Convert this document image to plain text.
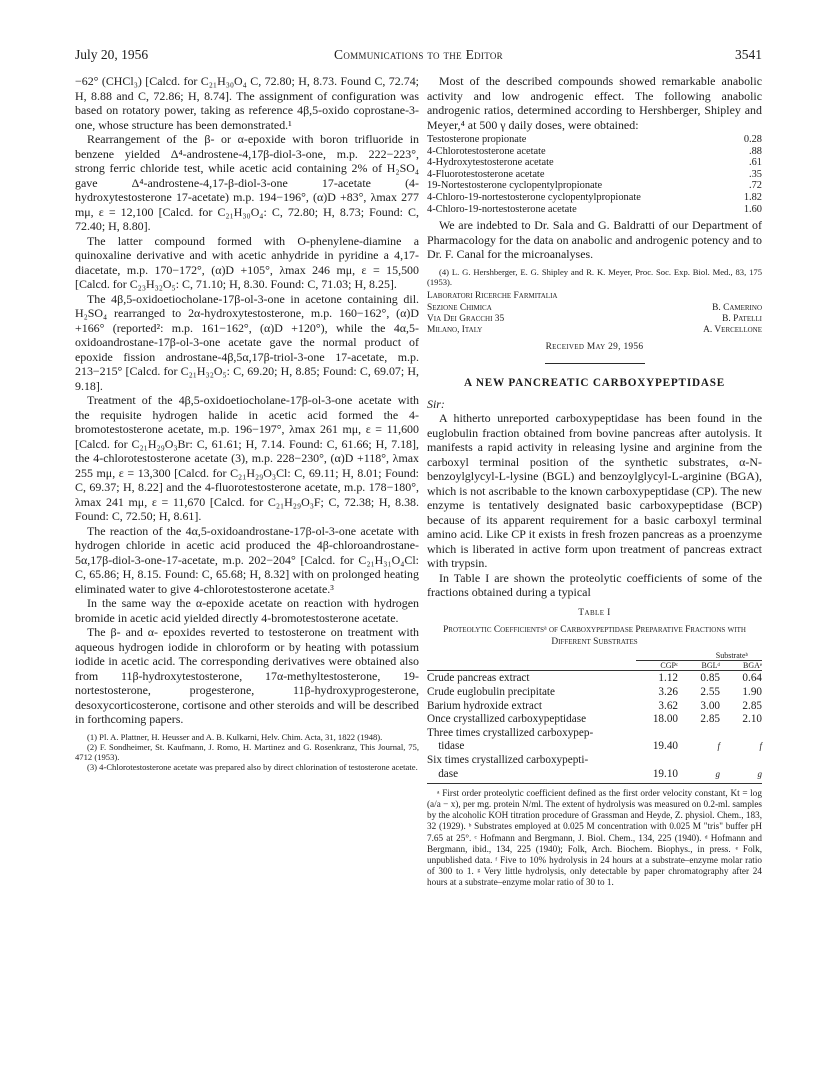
July 20, 1956	Communications to the Editor	3541

−62° (CHCl₃) [Calcd. for C₂₁H₃₀O₄ C, 72.80; H, 8.73. Found C, 72.74; H, 8.88 and C, 72.86; H, 8.74]. The assignment of configuration was based on rotatory power, taking as reference 4β,5-oxido coprostane-3-one, whose structure has been demonstrated.¹

Rearrangement of the β- or α-epoxide with boron trifluoride in benzene yielded Δ⁴-androstene-4,17β-diol-3-one, m.p. 222−223°, strong ferric chloride test, while acetic acid containing 2% of H₂SO₄ gave Δ⁴-androstene-4,17-β-diol-3-one 17-acetate (4-hydroxytestosterone 17-acetate) m.p. 194−196°, (α)D +83°, λmax 277 mμ, ε = 12,100 [Calcd. for C₂₁H₃₀O₄: C, 72.80; H, 8.73; Found: C, 72.40; H, 8.80].

The latter compound formed with O-phenylene-diamine a quinoxaline derivative and with acetic anhydride in pyridine a 4,17-diacetate, m.p. 170−172°, (α)D +105°, λmax 246 mμ, ε = 15,500 [Calcd. for C₂₃H₃₂O₅: C, 71.10; H, 8.30. Found: C, 71.03; H, 8.25].

The 4β,5-oxidoetiocholane-17β-ol-3-one in acetone containing dil. H₂SO₄ rearranged to 2α-hydroxytestosterone, m.p. 160−162°, (α)D +166° (reported²: m.p. 161−162°, (α)D +120°), while the 4α,5-oxidoandrostane-17β-ol-3-one acetate gave the normal product of epoxide fission androstane-4β,5α,17β-triol-3-one 17-acetate, m.p. 213−215° [Calcd. for C₂₁H₃₂O₅: C, 69.20; H, 8.85; Found: C, 69.07; H, 9.18].

Treatment of the 4β,5-oxidoetiocholane-17β-ol-3-one acetate with the requisite hydrogen halide in acetic acid formed the 4-bromotestosterone acetate, m.p. 196−197°, λmax 261 mμ, ε = 11,600 [Calcd. for C₂₁H₂₉O₃Br: C, 61.61; H, 7.14. Found: C, 61.66; H, 7.18], the 4-chlorotestosterone acetate (3), m.p. 228−230°, (α)D +118°, λmax 255 mμ, ε = 13,300 [Calcd. for C₂₁H₂₉O₃Cl: C, 69.11; H, 8.01; Found: C, 69.37; H, 8.22] and the 4-fluorotestosterone acetate, m.p. 178−180°, λmax 241 mμ, ε = 11,670 [Calcd. for C₂₁H₂₉O₃F; C, 72.38; H, 8.38. Found: C, 72.50; H, 8.61].

The reaction of the 4α,5-oxidoandrostane-17β-ol-3-one acetate with hydrogen chloride in acetic acid produced the 4β-chloroandrostane-5α,17β-diol-3-one-17-acetate, m.p. 202−204° [Calcd. for C₂₁H₃₁O₄Cl: C, 65.86; H, 8.15. Found: C, 65.68; H, 8.32] with on prolonged heating eliminated water to give 4-chlorotestosterone acetate.³

In the same way the α-epoxide acetate on reaction with hydrogen bromide in acetic acid yielded directly 4-bromotestosterone acetate.

The β- and α- epoxides reverted to testosterone on treatment with aqueous hydrogen iodide in chloroform or by heating with potassium iodide in acetic acid. The corresponding derivatives were obtained also from 11β-hydroxytestosterone, 17α-methyltestosterone, 19-nortestosterone, progesterone, 11β-hydroxyprogesterone, desoxycorticosterone, cortisone and other steroids and will be described in forthcoming papers.

(1) Pl. A. Plattner, H. Heusser and A. B. Kulkarni, Helv. Chim. Acta, 31, 1822 (1948).

(2) F. Sondheimer, St. Kaufmann, J. Romo, H. Martinez and G. Rosenkranz, This Journal, 75, 4712 (1953).

(3) 4-Chlorotestosterone acetate was prepared also by direct chlorination of testosterone acetate.

Most of the described compounds showed remarkable anabolic activity and low androgenic effect. The following anabolic androgenic ratios, determined according to Hershberger, Shipley and Meyer,⁴ at 500 γ daily doses, were obtained:

Testosterone propionate	0.28
4-Chlorotestosterone acetate	.88
4-Hydroxytestosterone acetate	.61
4-Fluorotestosterone acetate	.35
19-Nortestosterone cyclopentylpropionate	.72
4-Chloro-19-nortestosterone cyclopentylpropionate	1.82
4-Chloro-19-nortestosterone acetate	1.60

We are indebted to Dr. Sala and G. Baldratti of our Department of Pharmacology for the data on anabolic and androgenic potency and to Dr. F. Canal for the microanalyses.

(4) L. G. Hershberger, E. G. Shipley and R. K. Meyer, Proc. Soc. Exp. Biol. Med., 83, 175 (1953).

Laboratori Ricerche Farmitalia
Sezione Chimica	B. Camerino
Via Dei Gracchi 35	B. Patelli
Milano, Italy	A. Vercellone
Received May 29, 1956
A NEW PANCREATIC CARBOXYPEPTIDASE

Sir:

A hitherto unreported carboxypeptidase has been found in the euglobulin fraction obtained from bovine pancreas after autolysis. It manifests a rapid activity in releasing lysine and arginine from the carboxyl terminal position of the synthetic substrates, α-N-benzoylglycyl-L-lysine (BGL) and benzoylglycyl-L-arginine (BGA), which is not ascribable to the known carboxypeptidase (CP). The new enzyme is tentatively designated basic carboxypeptidase (BCP) because of its apparent requirement for a basic carboxyl terminal amino acid. Like CP it exists in fresh frozen pancreas as a proenzyme which is liberated in active form upon treatment of pancreas extract with trypsin.

In Table I are shown the proteolytic coefficients of some of the fractions obtained during a typical

Table I
Proteolytic Coefficientsᵃ of Carboxypeptidase Preparative Fractions with Different Substrates
	Substrateᵇ		
	CGPᶜ	BGLᵈ	BGAᵉ
Crude pancreas extract	1.12	0.85	0.64
Crude euglobulin precipitate	3.26	2.55	1.90
Barium hydroxide extract	3.62	3.00	2.85
Once crystallized carboxypeptidase	18.00	2.85	2.10
Three times crystallized carboxypep-			
tidase	19.40	f	f
Six times crystallized carboxypepti-			
dase	19.10	g	g

ᵃ First order proteolytic coefficient defined as the first order velocity constant, Kt = log (a/a − x), per mg. protein N/ml. The extent of hydrolysis was measured on 0.2-ml. samples by the alcoholic KOH titration procedure of Grassman and Heyde, Z. physiol. Chem., 183, 32 (1929). ᵇ Substrates employed at 0.025 M concentration with 0.025 M "tris" buffer pH 7.65 at 25°. ᶜ Hofmann and Bergmann, J. Biol. Chem., 134, 225 (1940). ᵈ Hofmann and Bergmann, ibid., 134, 225 (1940); Folk, Arch. Biochem. Biophys., in press. ᵉ Folk, unpublished data. ᶠ Five to 10% hydrolysis in 24 hours at a substrate–enzyme molar ratio of 300 to 1. ᵍ Very little hydrolysis, only detectable by paper chromatography after 24 hours at a substrate–enzyme molar ratio of 30 to 1.
